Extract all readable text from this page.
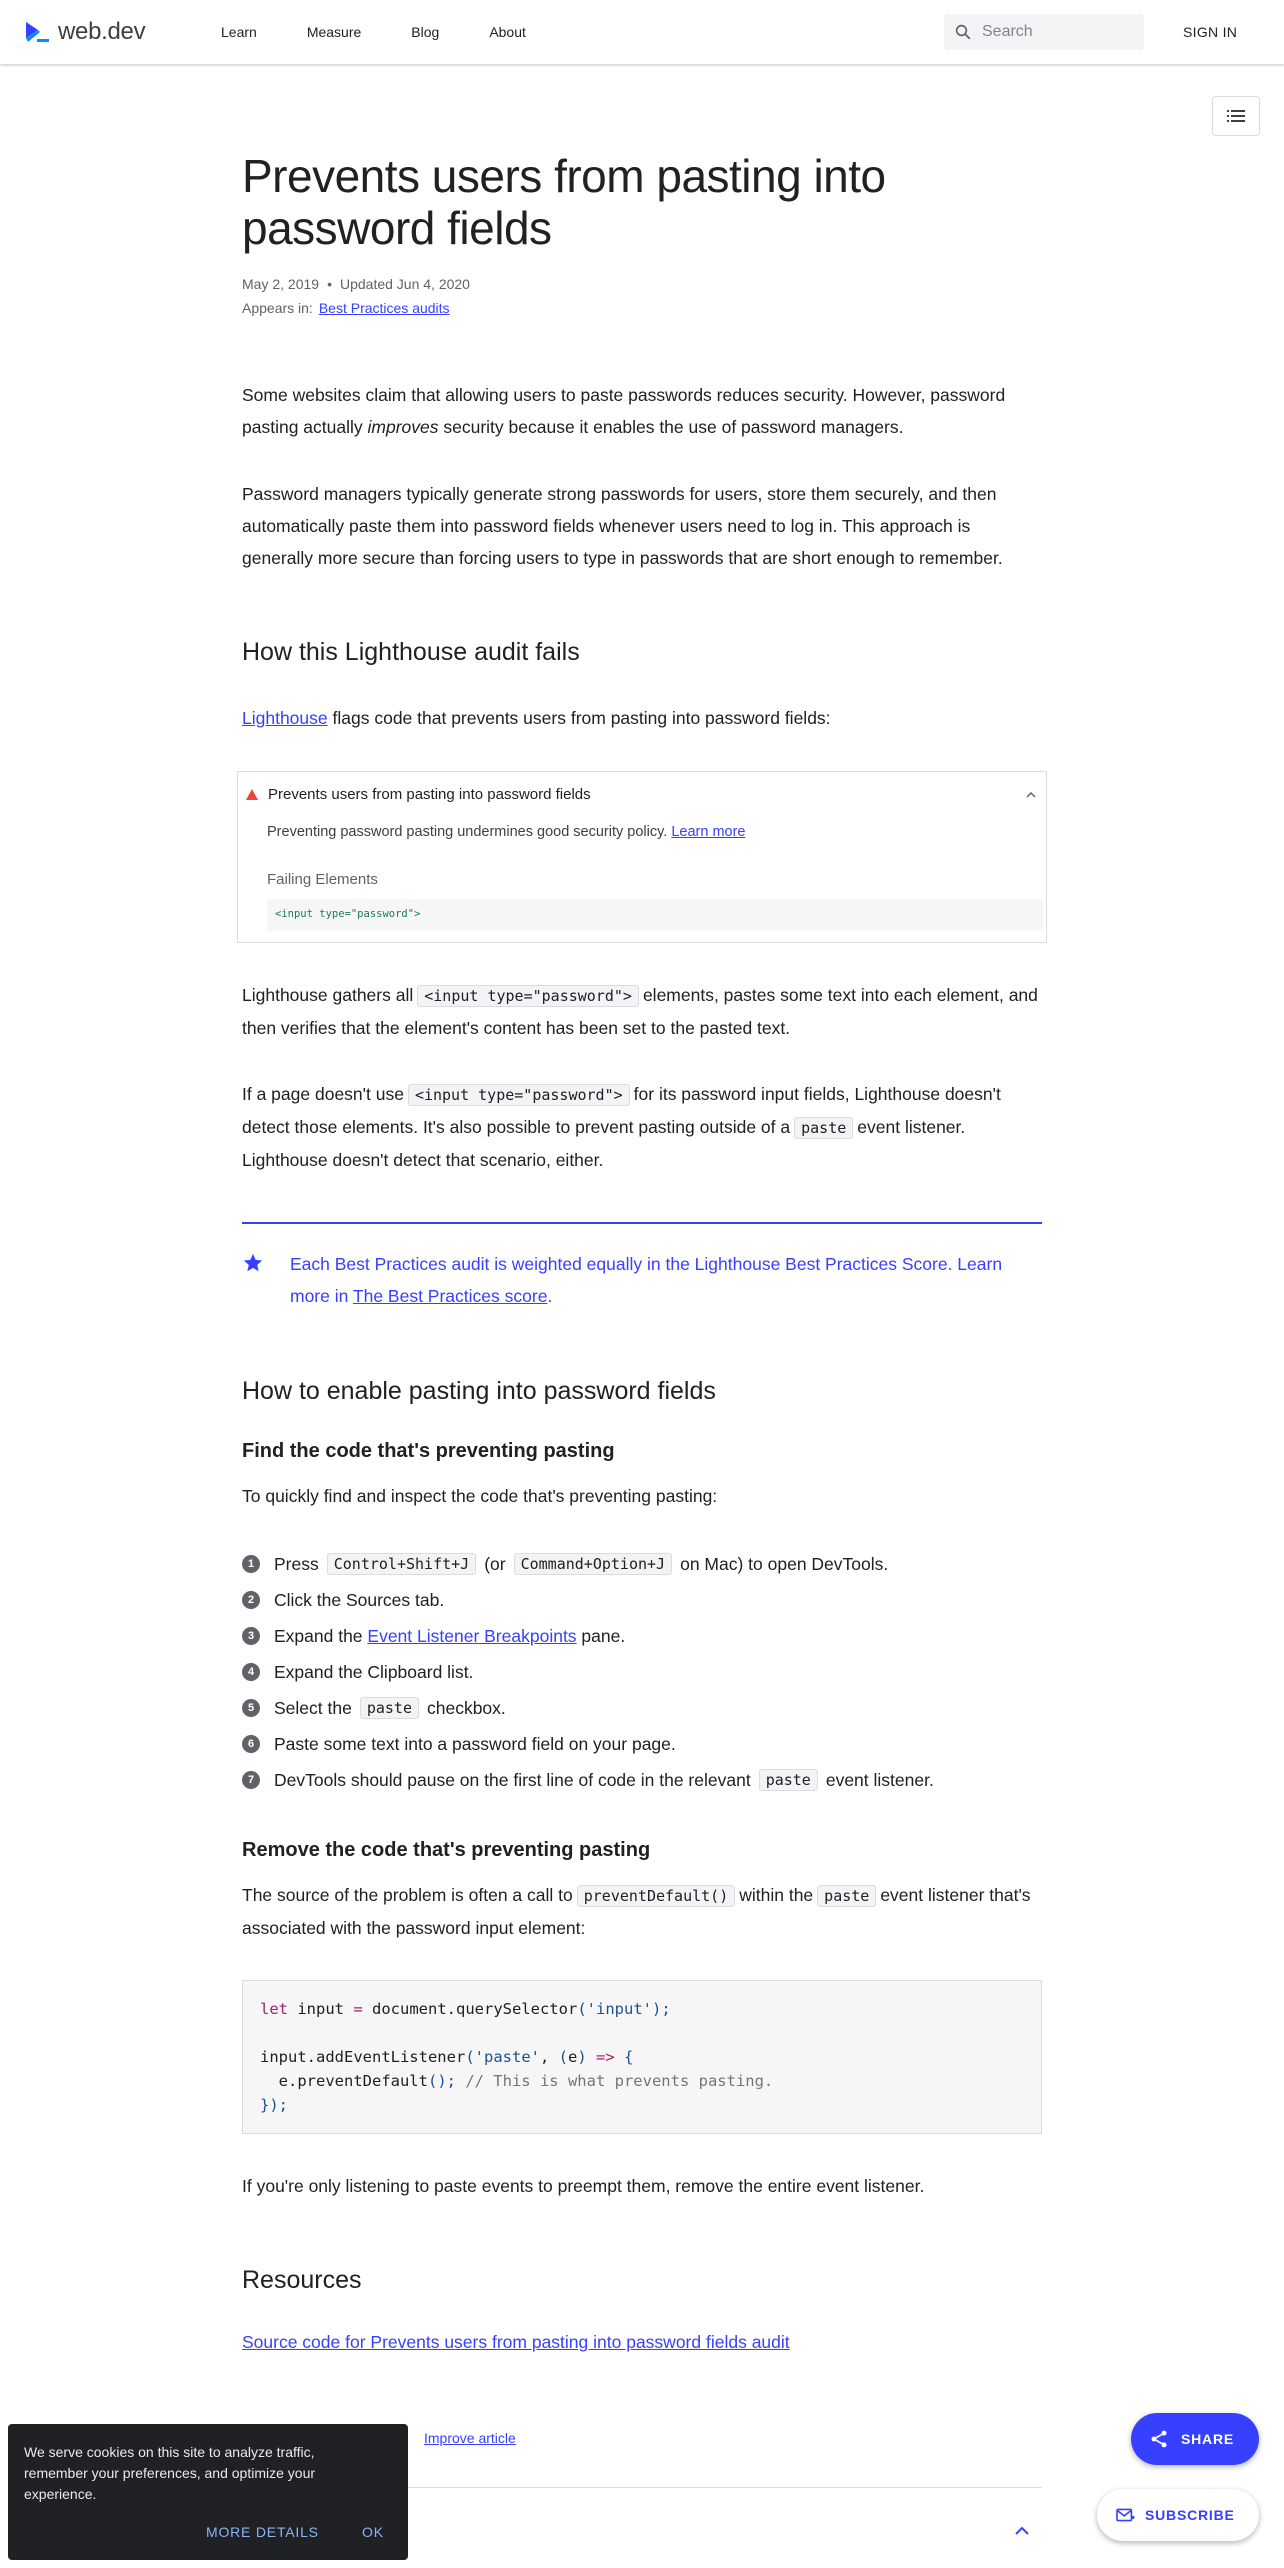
web.dev	Learn	Measure	Blog	About	Search	SIGN IN
Prevents users from pasting into password fields
May 2, 2019 • Updated Jun 4, 2020
Appears in: Best Practices audits

Some websites claim that allowing users to paste passwords reduces security. However, password pasting actually improves security because it enables the use of password managers.

Password managers typically generate strong passwords for users, store them securely, and then automatically paste them into password fields whenever users need to log in. This approach is generally more secure than forcing users to type in passwords that are short enough to remember.

How this Lighthouse audit fails

Lighthouse flags code that prevents users from pasting into password fields:

Prevents users from pasting into password fields
Preventing password pasting undermines good security policy. Learn more
Failing Elements
<input type="password">

Lighthouse gathers all <input type="password"> elements, pastes some text into each element, and then verifies that the element's content has been set to the pasted text.

If a page doesn't use <input type="password"> for its password input fields, Lighthouse doesn't detect those elements. It's also possible to prevent pasting outside of a paste event listener. Lighthouse doesn't detect that scenario, either.

Each Best Practices audit is weighted equally in the Lighthouse Best Practices Score. Learn more in The Best Practices score.
How to enable pasting into password fields
Find the code that's preventing pasting

To quickly find and inspect the code that's preventing pasting:

1	Press	Control+Shift+J (or	Command+Option+J on Mac) to open DevTools.
2	Click the Sources tab.
3	Expand the Event Listener Breakpoints pane.
4	Expand the Clipboard list.
5	Select the	paste checkbox.
6	Paste some text into a password field on your page.
7	DevTools should pause on the first line of code in the relevant	paste event listener.
Remove the code that's preventing pasting

The source of the problem is often a call to preventDefault() within the paste event listener that's associated with the password input element:

let input = document.querySelector('input');

input.addEventListener('paste', (e) => {
e.preventDefault(); // This is what prevents pasting.
});

If you're only listening to paste events to preempt them, remove the entire event listener.

Resources
Source code for Prevents users from pasting into password fields audit
Improve article
We serve cookies on this site to analyze traffic, remember your preferences, and optimize your experience.
MORE DETAILS	OK
SHARE
SUBSCRIBE
